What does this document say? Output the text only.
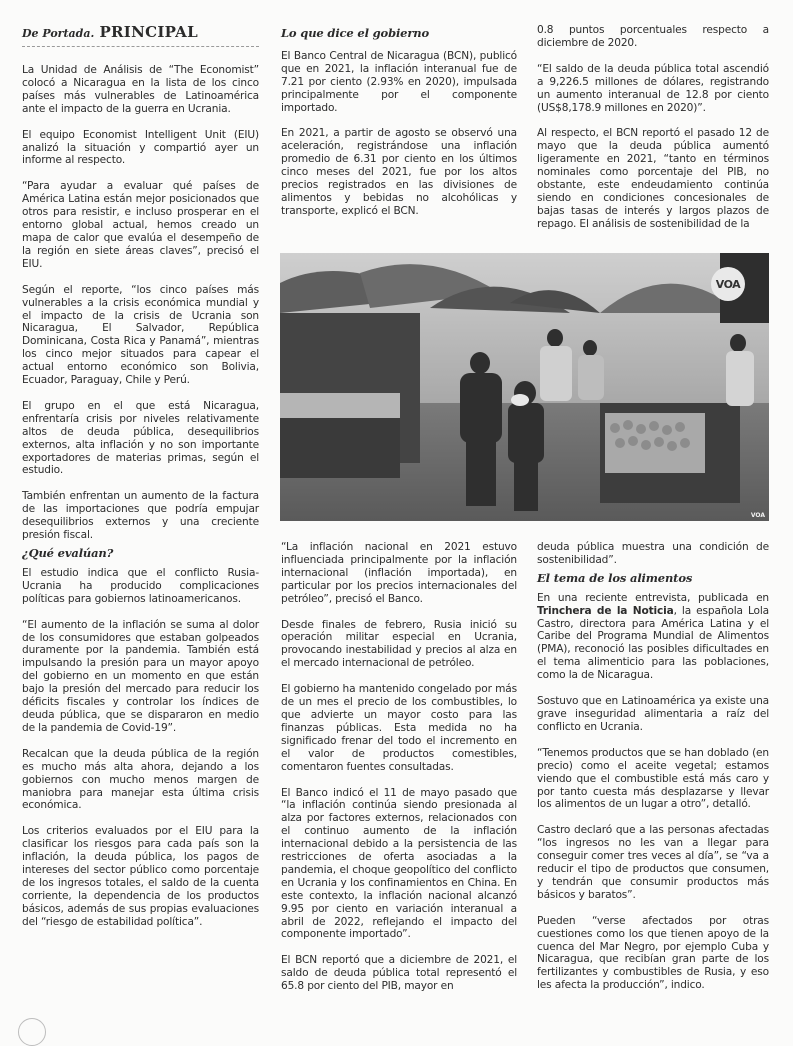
De Portada. PRINCIPAL

La Unidad de Análisis de “The Economist” colocó a Nicaragua en la lista de los cinco países más vulnerables de Latinoamérica ante el impacto de la guerra en Ucrania.

El equipo Economist Intelligent Unit (EIU) analizó la situación y compartió ayer un informe al respecto.

“Para ayudar a evaluar qué países de América Latina están mejor posicionados que otros para resistir, e incluso prosperar en el entorno global actual, hemos creado un mapa de calor que evalúa el desempeño de la región en siete áreas claves”, precisó el EIU.

Según el reporte, “los cinco países más vulnerables a la crisis económica mundial y el impacto de la crisis de Ucrania son Nicaragua, El Salvador, República Dominicana, Costa Rica y Panamá”, mientras los cinco mejor situados para capear el actual entorno económico son Bolivia, Ecuador, Paraguay, Chile y Perú.

El grupo en el que está Nicaragua, enfrentaría crisis por niveles relativamente altos de deuda pública, desequilibrios externos, alta inflación y no son importante exportadores de materias primas, según el estudio.

También enfrentan un aumento de la factura de las importaciones que podría empujar desequilibrios externos y una creciente presión fiscal.

¿Qué evalúan?

El estudio indica que el conflicto Rusia-Ucrania ha producido complicaciones políticas para gobiernos latinoamericanos.

“El aumento de la inflación se suma al dolor de los consumidores que estaban golpeados duramente por la pandemia. También está impulsando la presión para un mayor apoyo del gobierno en un momento en que están bajo la presión del mercado para reducir los déficits fiscales y controlar los índices de deuda pública, que se dispararon en medio de la pandemia de Covid-19”.

Recalcan que la deuda pública de la región es mucho más alta ahora, dejando a los gobiernos con mucho menos margen de maniobra para manejar esta última crisis económica.

Los criterios evaluados por el EIU para la clasificar los riesgos para cada país son la inflación, la deuda pública, los pagos de intereses del sector público como porcentaje de los ingresos totales, el saldo de la cuenta corriente, la dependencia de los productos básicos, además de sus propias evaluaciones del “riesgo de estabilidad política”.

Lo que dice el gobierno

El Banco Central de Nicaragua (BCN), publicó que en 2021, la inflación interanual fue de 7.21 por ciento (2.93% en 2020), impulsada principalmente por el componente importado.

En 2021, a partir de agosto se observó una aceleración, registrándose una inflación promedio de 6.31 por ciento en los últimos cinco meses del 2021, fue por los altos precios registrados en las divisiones de alimentos y bebidas no alcohólicas y transporte, explicó el BCN.

0.8 puntos porcentuales respecto a diciembre de 2020.

“El saldo de la deuda pública total ascendió a 9,226.5 millones de dólares, registrando un aumento interanual de 12.8 por ciento (US$8,178.9 millones en 2020)”.

Al respecto, el BCN reportó el pasado 12 de mayo que la deuda pública aumentó ligeramente en 2021, “tanto en términos nominales como porcentaje del PIB, no obstante, este endeudamiento continúa siendo en condiciones concesionales de bajas tasas de interés y largos plazos de repago. El análisis de sostenibilidad de la

VOA
VOA

“La inflación nacional en 2021 estuvo influenciada principalmente por la inflación internacional (inflación importada), en particular por los precios internacionales del petróleo”, precisó el Banco.

Desde finales de febrero, Rusia inició su operación militar especial en Ucrania, provocando inestabilidad y precios al alza en el mercado internacional de petróleo.

El gobierno ha mantenido congelado por más de un mes el precio de los combustibles, lo que advierte un mayor costo para las finanzas públicas. Esta medida no ha significado frenar del todo el incremento en el valor de productos comestibles, comentaron fuentes consultadas.

El Banco indicó el 11 de mayo pasado que “la inflación continúa siendo presionada al alza por factores externos, relacionados con el continuo aumento de la inflación internacional debido a la persistencia de las restricciones de oferta asociadas a la pandemia, el choque geopolítico del conflicto en Ucrania y los confinamientos en China. En este contexto, la inflación nacional alcanzó 9.95 por ciento en variación interanual a abril de 2022, reflejando el impacto del componente importado”.

El BCN reportó que a diciembre de 2021, el saldo de deuda pública total representó el 65.8 por ciento del PIB, mayor en

deuda pública muestra una condición de sostenibilidad”.

El tema de los alimentos

En una reciente entrevista, publicada en Trinchera de la Noticia, la española Lola Castro, directora para América Latina y el Caribe del Programa Mundial de Alimentos (PMA), reconoció las posibles dificultades en el tema alimenticio para las poblaciones, como la de Nicaragua.

Sostuvo que en Latinoamérica ya existe una grave inseguridad alimentaria a raíz del conflicto en Ucrania.

“Tenemos productos que se han doblado (en precio) como el aceite vegetal; estamos viendo que el combustible está más caro y por tanto cuesta más desplazarse y llevar los alimentos de un lugar a otro”, detalló.

Castro declaró que a las personas afectadas “los ingresos no les van a llegar para conseguir comer tres veces al día”, se “va a reducir el tipo de productos que consumen, y tendrán que consumir productos más básicos y baratos”.

Pueden “verse afectados por otras cuestiones como los que tienen apoyo de la cuenca del Mar Negro, por ejemplo Cuba y Nicaragua, que recibían gran parte de los fertilizantes y combustibles de Rusia, y eso les afecta la producción”, indico.
